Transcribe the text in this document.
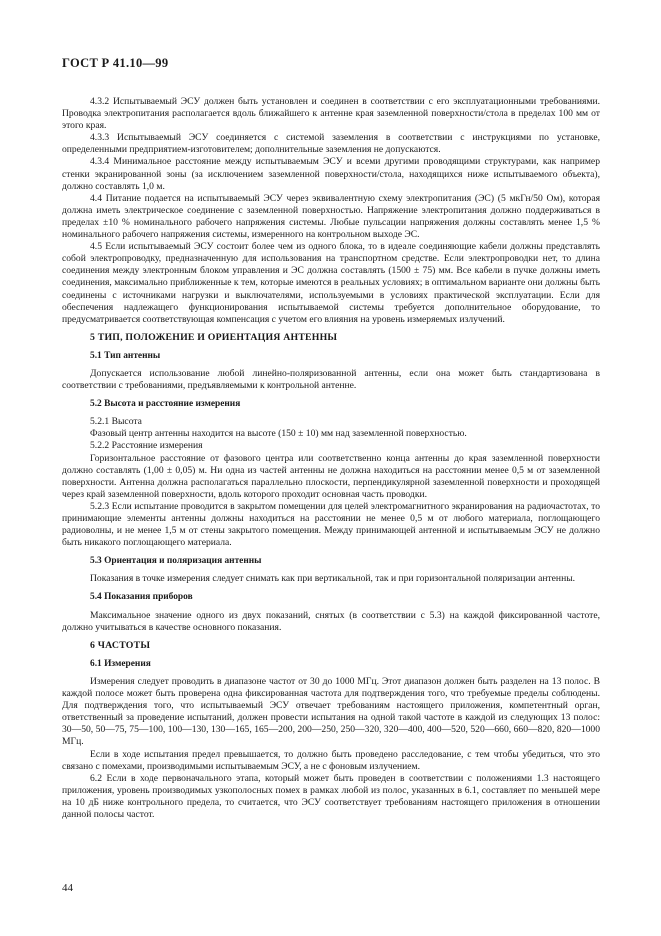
ГОСТ Р 41.10—99

4.3.2 Испытываемый ЭСУ должен быть установлен и соединен в соответствии с его эксплуатационными требованиями. Проводка электропитания располагается вдоль ближайшего к антенне края заземленной поверхности/стола в пределах 100 мм от этого края.

4.3.3 Испытываемый ЭСУ соединяется с системой заземления в соответствии с инструкциями по установке, определенными предприятием-изготовителем; дополнительные заземления не допускаются.

4.3.4 Минимальное расстояние между испытываемым ЭСУ и всеми другими проводящими структурами, как например стенки экранированной зоны (за исключением заземленной поверхности/стола, находящихся ниже испытываемого объекта), должно составлять 1,0 м.

4.4 Питание подается на испытываемый ЭСУ через эквивалентную схему электропитания (ЭС) (5 мкГн/50 Ом), которая должна иметь электрическое соединение с заземленной поверхностью. Напряжение электропитания должно поддерживаться в пределах ±10 % номинального рабочего напряжения системы. Любые пульсации напряжения должны составлять менее 1,5 % номинального рабочего напряжения системы, измеренного на контрольном выходе ЭС.

4.5 Если испытываемый ЭСУ состоит более чем из одного блока, то в идеале соединяющие кабели должны представлять собой электропроводку, предназначенную для использования на транспортном средстве. Если электропроводки нет, то длина соединения между электронным блоком управления и ЭС должна составлять (1500 ± 75) мм. Все кабели в пучке должны иметь соединения, максимально приближенные к тем, которые имеются в реальных условиях; в оптимальном варианте они должны быть соединены с источниками нагрузки и выключателями, используемыми в условиях практической эксплуатации. Если для обеспечения надлежащего функционирования испытываемой системы требуется дополнительное оборудование, то предусматривается соответствующая компенсация с учетом его влияния на уровень измеряемых излучений.

5 ТИП, ПОЛОЖЕНИЕ И ОРИЕНТАЦИЯ АНТЕННЫ
5.1 Тип антенны

Допускается использование любой линейно-поляризованной антенны, если она может быть стандартизована в соответствии с требованиями, предъявляемыми к контрольной антенне.

5.2 Высота и расстояние измерения

5.2.1 Высота

Фазовый центр антенны находится на высоте (150 ± 10) мм над заземленной поверхностью.

5.2.2 Расстояние измерения

Горизонтальное расстояние от фазового центра или соответственно конца антенны до края заземленной поверхности должно составлять (1,00 ± 0,05) м. Ни одна из частей антенны не должна находиться на расстоянии менее 0,5 м от заземленной поверхности. Антенна должна располагаться параллельно плоскости, перпендикулярной заземленной поверхности и проходящей через край заземленной поверхности, вдоль которого проходит основная часть проводки.

5.2.3 Если испытание проводится в закрытом помещении для целей электромагнитного экранирования на радиочастотах, то принимающие элементы антенны должны находиться на расстоянии не менее 0,5 м от любого материала, поглощающего радиоволны, и не менее 1,5 м от стены закрытого помещения. Между принимающей антенной и испытываемым ЭСУ не должно быть никакого поглощающего материала.

5.3 Ориентация и поляризация антенны

Показания в точке измерения следует снимать как при вертикальной, так и при горизонтальной поляризации антенны.

5.4 Показания приборов

Максимальное значение одного из двух показаний, снятых (в соответствии с 5.3) на каждой фиксированной частоте, должно учитываться в качестве основного показания.

6 ЧАСТОТЫ
6.1 Измерения

Измерения следует проводить в диапазоне частот от 30 до 1000 МГц. Этот диапазон должен быть разделен на 13 полос. В каждой полосе может быть проверена одна фиксированная частота для подтверждения того, что требуемые пределы соблюдены. Для подтверждения того, что испытываемый ЭСУ отвечает требованиям настоящего приложения, компетентный орган, ответственный за проведение испытаний, должен провести испытания на одной такой частоте в каждой из следующих 13 полос: 30—50, 50—75, 75—100, 100—130, 130—165, 165—200, 200—250, 250—320, 320—400, 400—520, 520—660, 660—820, 820—1000 МГц.

Если в ходе испытания предел превышается, то должно быть проведено расследование, с тем чтобы убедиться, что это связано с помехами, производимыми испытываемым ЭСУ, а не с фоновым излучением.

6.2 Если в ходе первоначального этапа, который может быть проведен в соответствии с положениями 1.3 настоящего приложения, уровень производимых узкополосных помех в рамках любой из полос, указанных в 6.1, составляет по меньшей мере на 10 дБ ниже контрольного предела, то считается, что ЭСУ соответствует требованиям настоящего приложения в отношении данной полосы частот.

44
